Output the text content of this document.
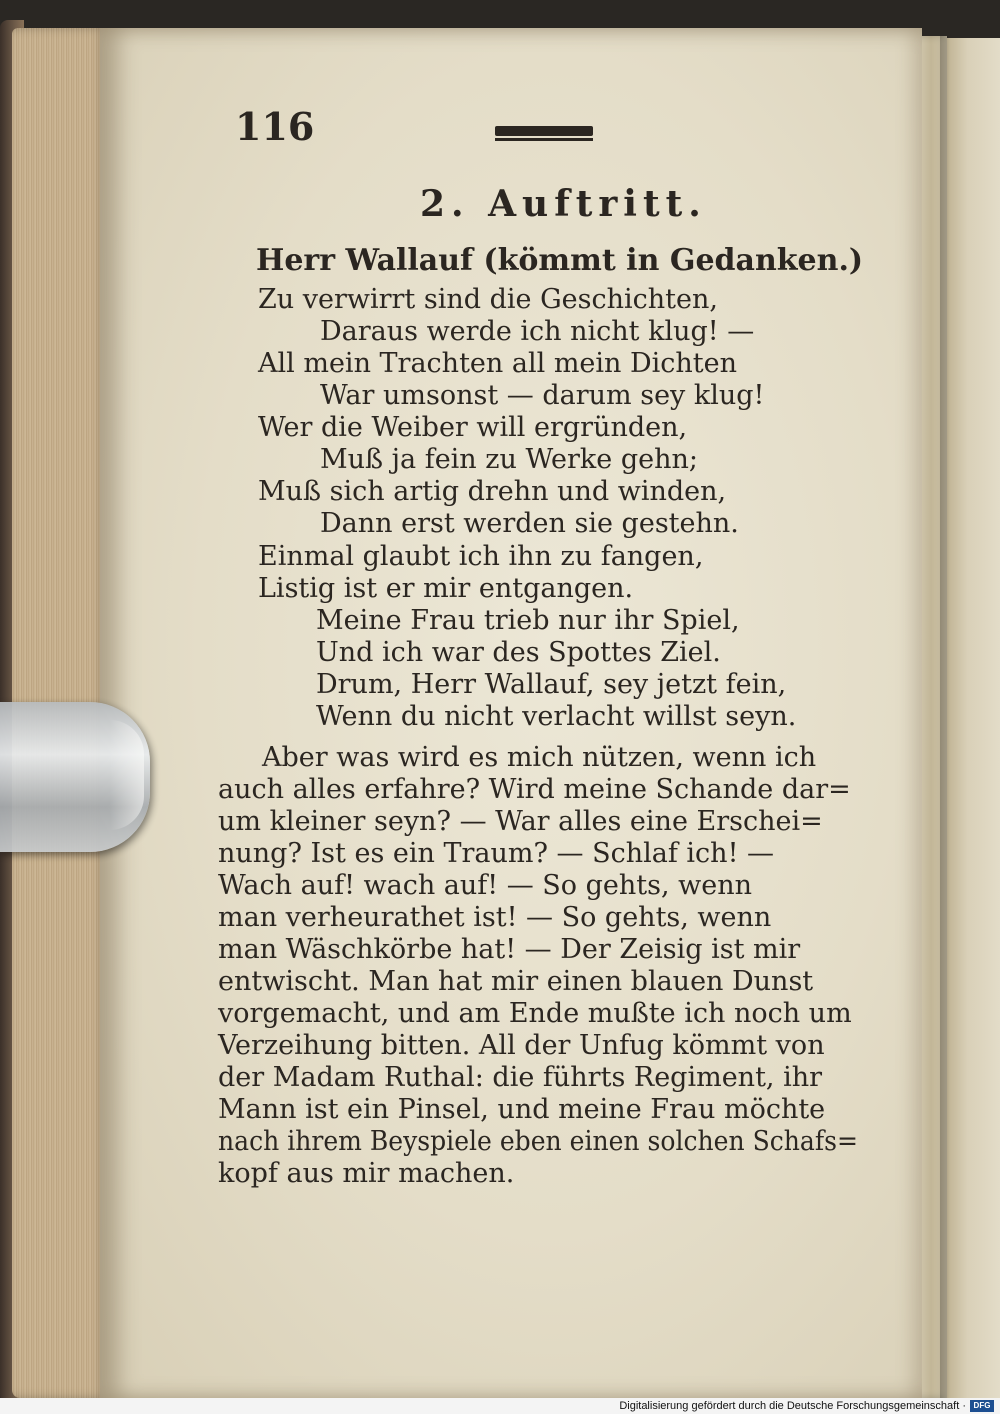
116
2. Auftritt.
Herr Wallauf (kömmt in Gedanken.)
Zu verwirrt sind die Geschichten,
Daraus werde ich nicht klug! —
All mein Trachten all mein Dichten
War umsonst — darum sey klug!
Wer die Weiber will ergründen,
Muß ja fein zu Werke gehn;
Muß sich artig drehn und winden,
Dann erst werden sie gestehn.
Einmal glaubt ich ihn zu fangen,
Listig ist er mir entgangen.
Meine Frau trieb nur ihr Spiel,
Und ich war des Spottes Ziel.
Drum, Herr Wallauf, sey jetzt fein,
Wenn du nicht verlacht willst seyn.
Aber was wird es mich nützen, wenn ich
auch alles erfahre? Wird meine Schande dar=
um kleiner seyn? — War alles eine Erschei=
nung? Ist es ein Traum? — Schlaf ich! —
Wach auf! wach auf! — So gehts, wenn
man verheurathet ist! — So gehts, wenn
man Wäschkörbe hat! — Der Zeisig ist mir
entwischt. Man hat mir einen blauen Dunst
vorgemacht, und am Ende mußte ich noch um
Verzeihung bitten. All der Unfug kömmt von
der Madam Ruthal: die führts Regiment, ihr
Mann ist ein Pinsel, und meine Frau möchte
nach ihrem Beyspiele eben einen solchen Schafs=
kopf aus mir machen.
Digitalisierung gefördert durch die Deutsche Forschungsgemeinschaft · DFG
